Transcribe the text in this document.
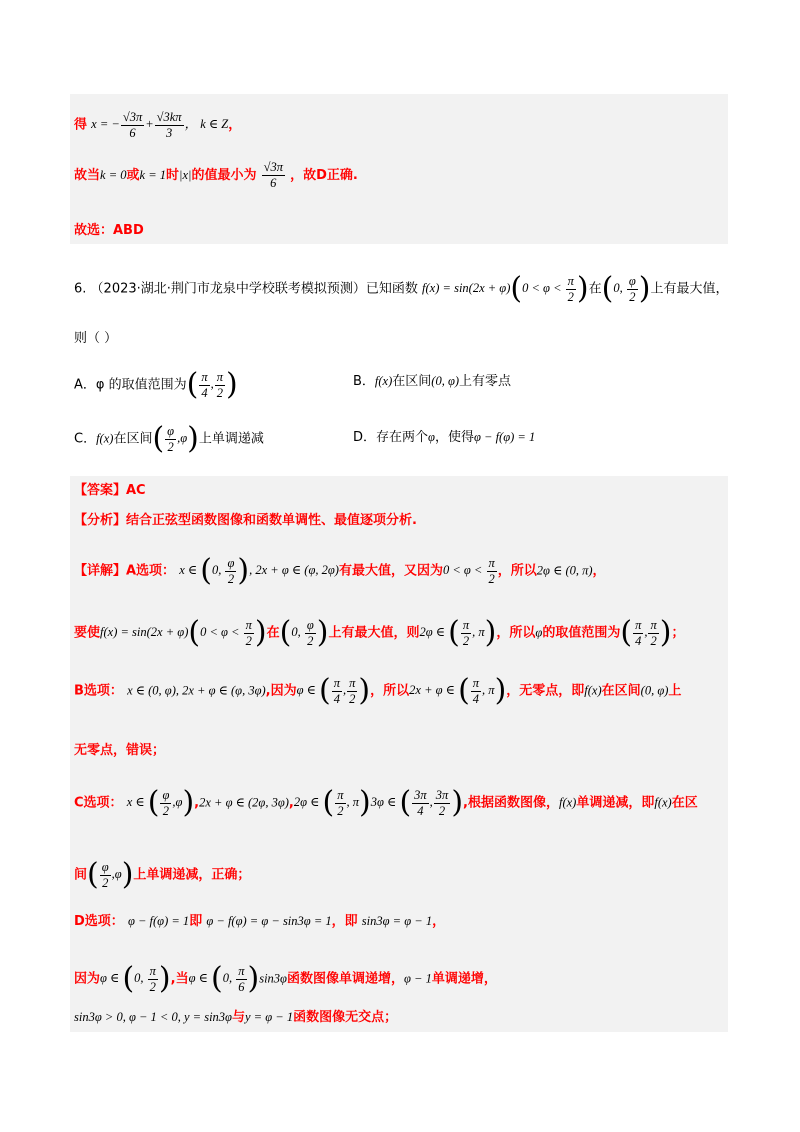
得 x = − $\frac{√3\pi}{6} + \frac{√3k\pi}{3}$ ， k ∈ Z，
故当k = 0或k = 1时|x|的值最小为 $\frac{√3\pi}{6}$ ，故D正确.
故选：ABD
6. （2023·湖北·荆门市龙泉中学校联考模拟预测）已知函数 $f(x) = \sin(2x + \varphi)(0 < \varphi < \frac{\pi}{2}$ )在(0, $\frac{\varphi}{2}$ )上有最大值，
则（ ）
A．φ 的取值范围为( $\frac{\pi}{4}$ , $\frac{\pi}{2}$ )	B．f(x)在区间(0, φ)上有零点
C．f(x)在区间( $\frac{\varphi}{2} ,\varphi$)上单调递减	D．存在两个φ，使得φ − f(φ) = 1
【答案】AC
【分析】结合正弦型函数图像和函数单调性、最值逐项分析.
【详解】A选项： x ∈ (0, $\frac{\varphi}{2}$ ), 2x + φ ∈ (φ, 2φ)有最大值，又因为$0 < \varphi < \frac{\pi}{2}$ ，所以2φ ∈ (0, π)，
要使$f(x) = \sin(2x + \varphi)(0 < \varphi < \frac{\pi}{2}$ )在(0, $\frac{\varphi}{2}$ )上有最大值，则2φ ∈ ( $\frac{\pi}{2}$ , π)，所以φ的取值范围为( $\frac{\pi}{4}$ , $\frac{\pi}{2}$ )；
B选项： x ∈ (0, φ), 2x + φ ∈ (φ, 3φ),因为φ ∈ ( $\frac{\pi}{4}$ , $\frac{\pi}{2}$ )，所以2x + φ ∈ ( $\frac{\pi}{4}$ , π)，无零点，即f(x)在区间(0, φ)上
无零点，错误；
C选项： x ∈ ( $\frac{\varphi}{2} ,\varphi),2x + \varphi$ ∈ (2φ, 3φ),2φ ∈ ( $\frac{\pi}{2}$ , π)3φ ∈ ( $\frac{3\pi}{4}$ , $\frac{3\pi}{2}$ ),根据函数图像，f(x)单调递减，即f(x)在区
间( $\frac{\varphi}{2} ,\varphi$)上单调递减，正确；
D选项： φ − f(φ) = 1即 φ − f(φ) = φ − sin3φ = 1，即 sin3φ = φ − 1，
因为φ ∈ (0, $\frac{\pi}{2}$ ),当φ ∈ (0, $\frac{\pi}{6} )\sin 3\varphi$函数图像单调递增，φ − 1单调递增，
sin3φ > 0, φ − 1 < 0, y = sin3φ与y = φ − 1函数图像无交点；
